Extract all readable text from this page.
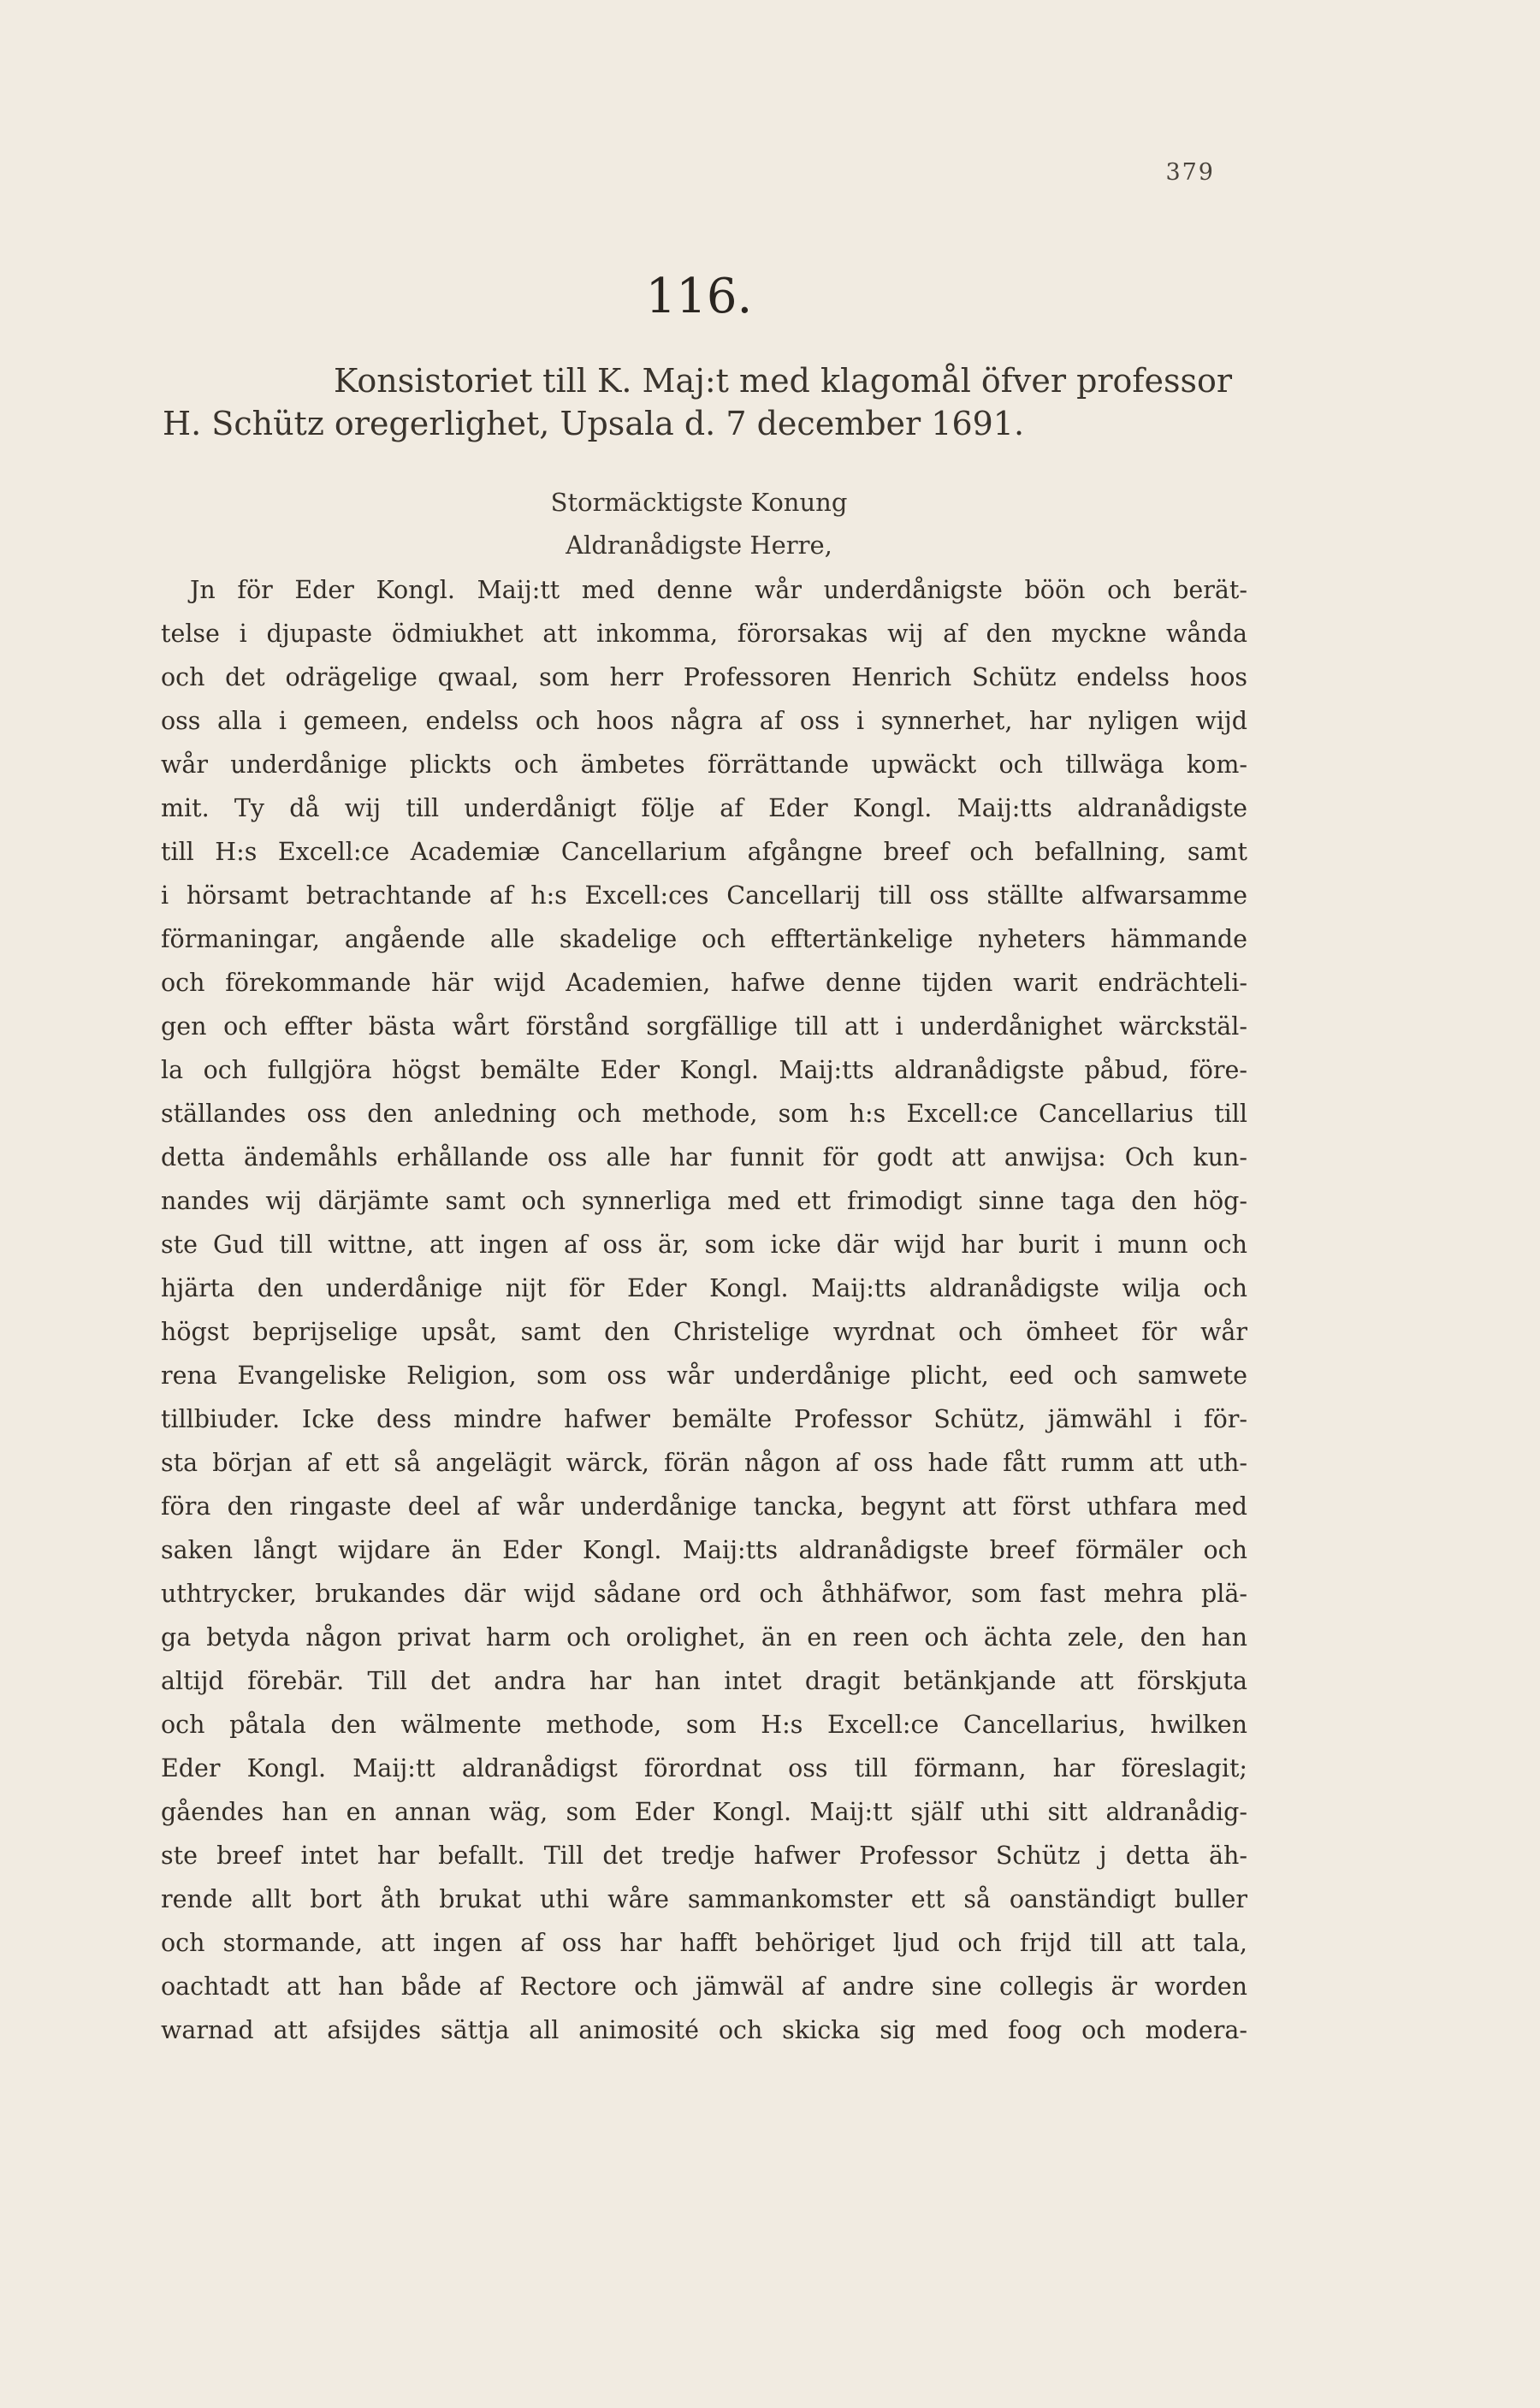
379
116.
Konsistoriet till K. Maj:t med klagomål öfver professor
H. Schütz oregerlighet, Upsala d. 7 december 1691.
Stormäcktigste Konung
Aldranådigste Herre,
Jn för Eder Kongl. Maij:tt med denne wår underdånigste böön och berät-
telse i djupaste ödmiukhet att inkomma, förorsakas wij af den myckne wånda
och det odrägelige qwaal, som herr Professoren Henrich Schütz endelss hoos
oss alla i gemeen, endelss och hoos några af oss i synnerhet, har nyligen wijd
wår underdånige plickts och ämbetes förrättande upwäckt och tillwäga kom-
mit. Ty då wij till underdånigt följe af Eder Kongl. Maij:tts aldranådigste
till H:s Excell:ce Academiæ Cancellarium afgångne breef och befallning, samt
i hörsamt betrachtande af h:s Excell:ces Cancellarij till oss ställte alfwarsamme
förmaningar, angående alle skadelige och efftertänkelige nyheters hämmande
och förekommande här wijd Academien, hafwe denne tijden warit endrächteli-
gen och effter bästa wårt förstånd sorgfällige till att i underdånighet wärckstäl-
la och fullgjöra högst bemälte Eder Kongl. Maij:tts aldranådigste påbud, före-
ställandes oss den anledning och methode, som h:s Excell:ce Cancellarius till
detta ändemåhls erhållande oss alle har funnit för godt att anwijsa: Och kun-
nandes wij därjämte samt och synnerliga med ett frimodigt sinne taga den hög-
ste Gud till wittne, att ingen af oss är, som icke där wijd har burit i munn och
hjärta den underdånige nijt för Eder Kongl. Maij:tts aldranådigste wilja och
högst beprijselige upsåt, samt den Christelige wyrdnat och ömheet för wår
rena Evangeliske Religion, som oss wår underdånige plicht, eed och samwete
tillbiuder. Icke dess mindre hafwer bemälte Professor Schütz, jämwähl i för-
sta början af ett så angelägit wärck, förän någon af oss hade fått rumm att uth-
föra den ringaste deel af wår underdånige tancka, begynt att först uthfara med
saken långt wijdare än Eder Kongl. Maij:tts aldranådigste breef förmäler och
uthtrycker, brukandes där wijd sådane ord och åthhäfwor, som fast mehra plä-
ga betyda någon privat harm och orolighet, än en reen och ächta zele, den han
altijd förebär. Till det andra har han intet dragit betänkjande att förskjuta
och påtala den wälmente methode, som H:s Excell:ce Cancellarius, hwilken
Eder Kongl. Maij:tt aldranådigst förordnat oss till förmann, har föreslagit;
gåendes han en annan wäg, som Eder Kongl. Maij:tt själf uthi sitt aldranådig-
ste breef intet har befallt. Till det tredje hafwer Professor Schütz j detta äh-
rende allt bort åth brukat uthi wåre sammankomster ett så oanständigt buller
och stormande, att ingen af oss har hafft behöriget ljud och frijd till att tala,
oachtadt att han både af Rectore och jämwäl af andre sine collegis är worden
warnad att afsijdes sättja all animosité och skicka sig med foog och modera-
